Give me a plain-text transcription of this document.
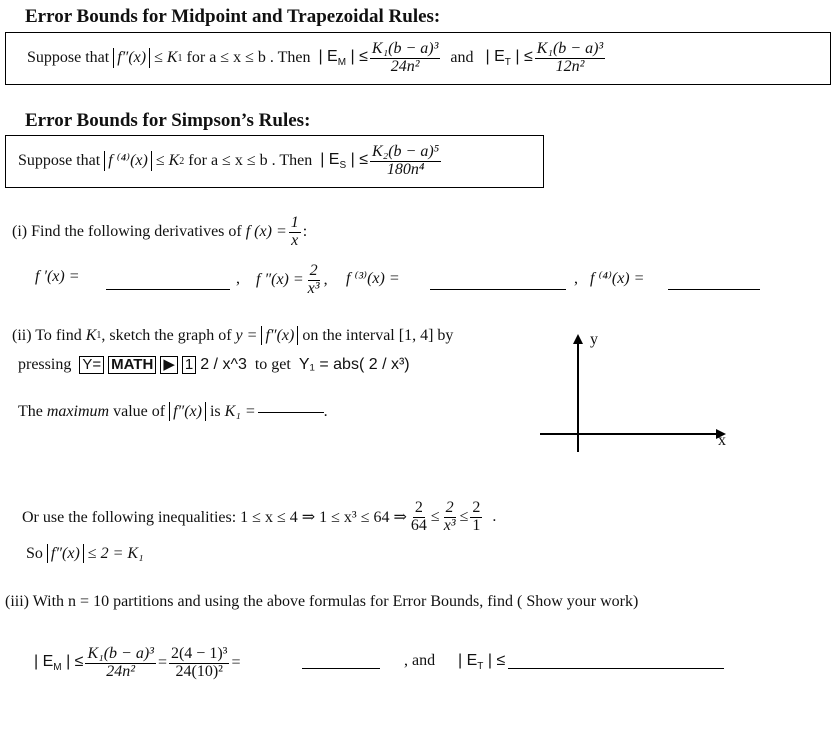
Error Bounds for Midpoint and Trapezoidal Rules:
Suppose that
f″(x)
≤ K 1
for a ≤ x ≤ b . Then
| $E_M$ | ≤ $\frac{\text{K₁(b − a)³}}{\text{24n²}}$
and
| $E_T$ | ≤ $\frac{\text{K₁(b − a)³}}{\text{12n²}}$
Error Bounds for Simpson’s Rules:
Suppose that
f ⁽⁴⁾(x)
≤ K 2
for a ≤ x ≤ b . Then
| $E_S$ | ≤ $\frac{\text{K₂(b − a)⁵}}{\text{180n⁴}}$
(i) Find the following derivatives of
f $(x) = \frac{1}{x}$ :
f ′(x) =	, f $''(x) = \frac{2}{\text{x³}}$ , f ⁽³⁾(x) =	, f ⁽⁴⁾(x) =
(ii) To find
K 1 , sketch the graph of
y =
f″(x)
on the interval [1, 4] by
pressing
Y=
MATH
▶
1
2 / x^3
to get
Y₁ = abs( 2 / x³)
The
maximum
value of
f″(x)
is
K₁ =	.
y
x
Or use the following inequalities: 1 ≤ x ≤ 4 ⇒ 1 ≤ x³ ≤ 64 ⇒ $\frac{2}{64} \le \frac{2}{\text{x³}} \le \frac{2}{1}$
.
So
f″(x)
≤ 2 = K₁
(iii) With n = 10 partitions and using the above formulas for Error Bounds, find ( Show your work)
| $E_M$ | ≤ $\frac{\text{K₁(b − a)³}}{\text{24n²}} = \frac{\text{2(4 − 1)³}}{\text{24(10)²}}$ =	, and | $E_T$ | ≤
